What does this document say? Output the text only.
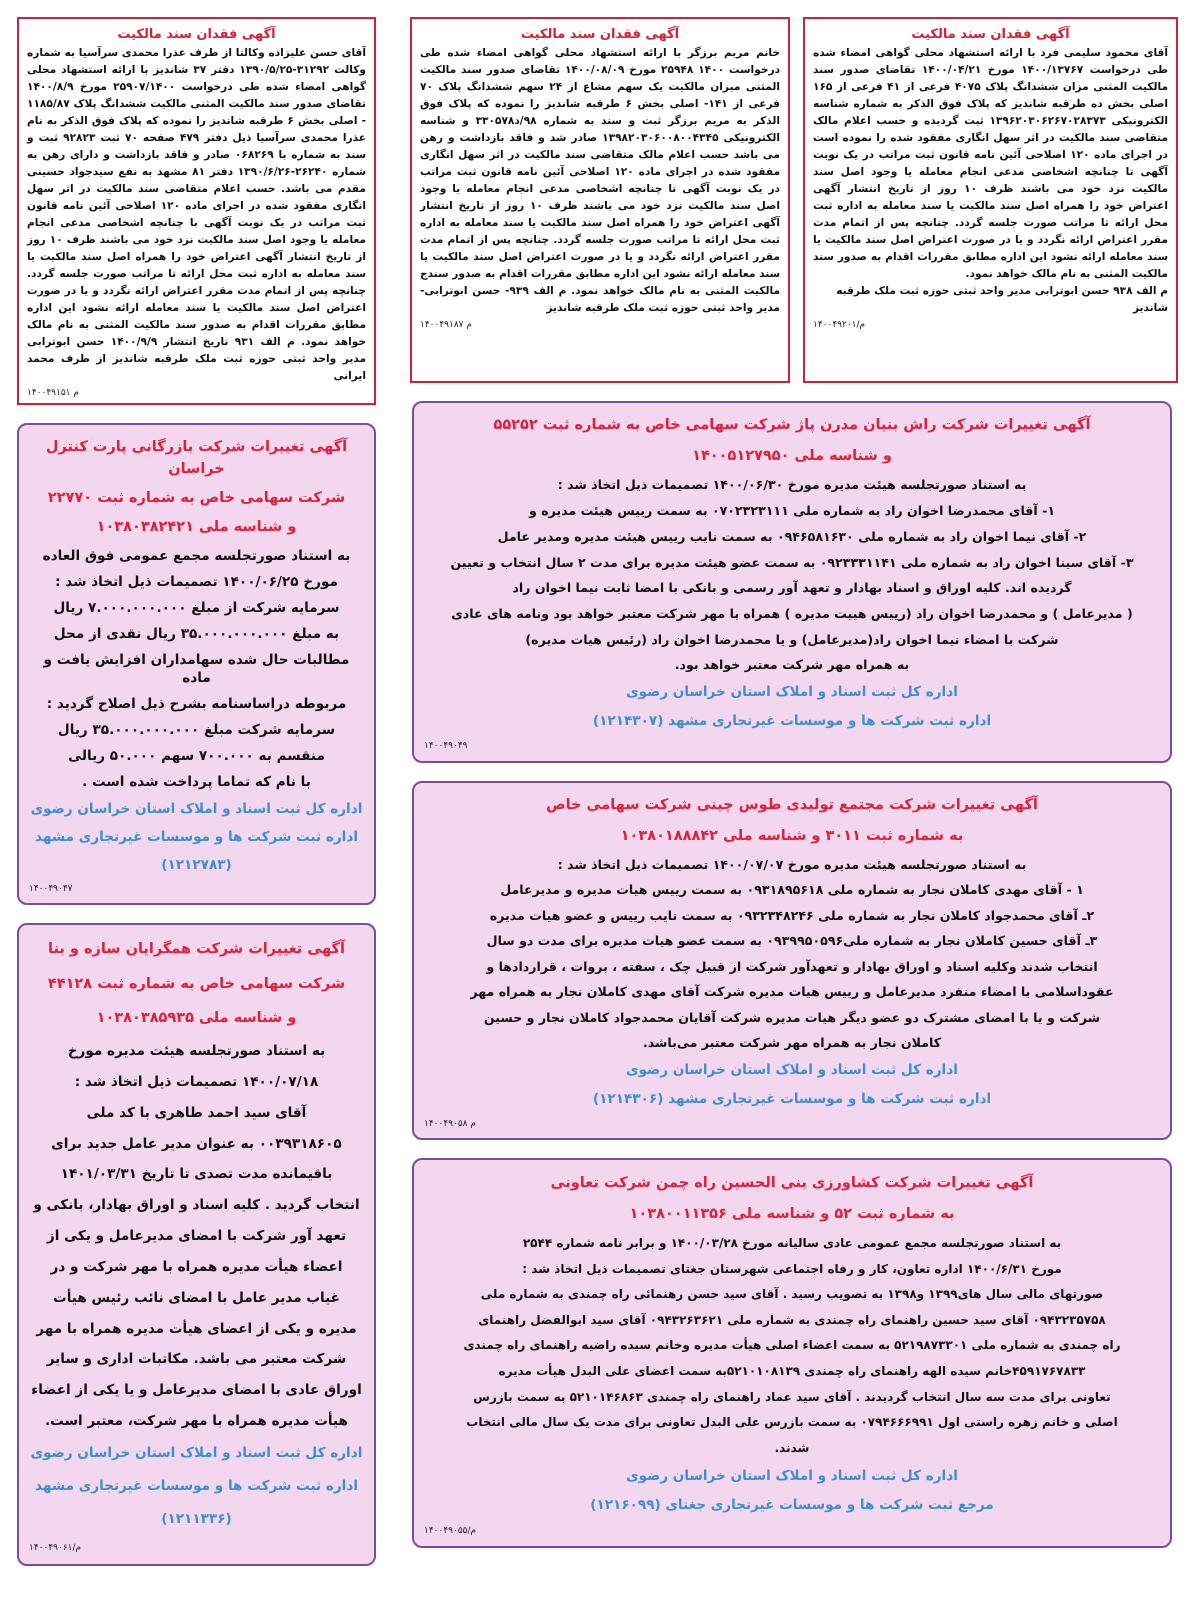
آگهی فقدان سند مالکیت
آقای محمود سلیمی فرد با ارائه استشهاد محلی گواهی امضاء شده طی درخواست ۱۴۰۰/۱۳۷۶۷ مورخ ۱۴۰۰/۰۴/۲۱ تقاضای صدور سند مالکیت المثنی مزان ششدانگ پلاک ۴۰۷۵ فرعی از ۴۱ فرعی از ۱۶۵ اصلی بخش ده طرقبه شاندیز که پلاک فوق الذکر به شماره شناسه الکترونیکی ۱۳۹۶۲۰۳۰۶۲۶۷۰۲۸۳۷۳ ثبت گردیده و حسب اعلام مالک متقاضی سند مالکیت در اثر سهل انگاری مفقود شده را نموده است در اجرای ماده ۱۲۰ اصلاحی آئین نامه قانون ثبت مراتب در یک نوبت آگهی تا چنانچه اشخاصی مدعی انجام معامله یا وجود اصل سند مالکیت نزد خود می باشند ظرف ۱۰ روز از تاریخ انتشار آگهی اعتراض خود را همراه اصل سند مالکیت یا سند معامله به اداره ثبت محل ارائه تا مراتب صورت جلسه گردد. چنانچه پس از اتمام مدت مقرر اعتراض ارائه نگردد و یا در صورت اعتراض اصل سند مالکیت یا سند معامله ارائه نشود این اداره مطابق مقررات اقدام به صدور سند مالکیت المثنی به نام مالک خواهد نمود.
م الف ۹۳۸ حسن ابوترابی مدیر واحد ثبتی حوزه ثبت ملک طرقبه شاندیز
م/۱۴۰۰۴۹۲۰۱
آگهی فقدان سند مالکیت
خانم مریم برزگر با ارائه استشهاد محلی گواهی امضاء شده طی درخواست ۱۴۰۰ ۲۵۹۴۸ مورخ ۱۴۰۰/۰۸/۰۹ تقاضای صدور سند مالکیت المثنی میزان مالکیت یک سهم مشاع از ۲۴ سهم ششدانگ پلاک ۷۰ فرعی از ۱۴۱- اصلی بخش ۶ طرقبه شاندیز را نموده که پلاک فوق الذکر به مریم برزگر ثبت و سند به شماره ۹۸/د۳۳۰۵۷۸ و شناسه الکترونیکی ۱۳۹۸۲۰۳۰۶۰۰۸۰۰۴۳۴۵ صادر شد و فاقد بازداشت و رهن می باشد حسب اعلام مالک متقاضی سند مالکیت در اثر سهل انگاری مفقود شده در اجرای ماده ۱۲۰ اصلاحی آئین نامه قانون ثبت مراتب در یک نوبت آگهی تا چنانچه اشخاصی مدعی انجام معامله یا وجود اصل سند مالکیت نزد خود می باشند ظرف ۱۰ روز از تاریخ انتشار آگهی اعتراض خود را همراه اصل سند مالکیت یا سند معامله به اداره ثبت محل ارائه تا مراتب صورت جلسه گردد. چنانچه پس از اتمام مدت مقرر اعتراض ارائه نگردد و یا در صورت اعتراض اصل سند مالکیت یا سند معامله ارائه نشود این اداره مطابق مقررات اقدام به صدور سندج مالکیت المثنی به نام مالک خواهد نمود. م الف ۹۳۹- حسن ابوترابی- مدیر واحد ثبتی حوزه ثبت ملک طرقبه شاندیز
م ۱۴۰۰۴۹۱۸۷
آگهی تغییرات شرکت راش بنیان مدرن پاژ شرکت سهامی خاص به شماره ثبت ۵۵۲۵۲
و شناسه ملی ۱۴۰۰۵۱۲۷۹۵۰
به استناد صورتجلسه هیئت مدیره مورخ ۱۴۰۰/۰۶/۳۰ تصمیمات ذیل اتخاذ شد :
۱- آقای محمدرضا اخوان راد به شماره ملی ۰۷۰۲۳۲۳۱۱۱ به سمت رییس هیئت مدیره و
۲- آقای نیما اخوان راد به شماره ملی ۰۹۴۶۵۸۱۶۳۰ به سمت نایب رییس هیئت مدیره ومدیر عامل
۳- آقای سینا اخوان راد به شماره ملی ۰۹۲۳۳۳۱۱۴۱ به سمت عضو هیئت مدیره برای مدت ۲ سال انتخاب و تعیین
گردیده اند. کلیه اوراق و اسناد بهادار و تعهد آور رسمی و بانکی با امضا ثابت نیما اخوان راد
( مدیرعامل ) و محمدرضا اخوان راد (رییس هییت مدیره ) همراه با مهر شرکت معتبر خواهد بود ونامه های عادی
شرکت با امضاء نیما اخوان راد(مدیرعامل) و یا محمدرضا اخوان راد (رئیس هیات مدیره)
به همراه مهر شرکت معتبر خواهد بود.
اداره کل ثبت اسناد و املاک استان خراسان رضوی
اداره ثبت شرکت ها و موسسات غیرتجاری مشهد (۱۲۱۴۳۰۷)
۱۴۰۰۴۹۰۴۹
آگهی تغییرات شرکت مجتمع تولیدی طوس چینی شرکت سهامی خاص
به شماره ثبت ۳۰۱۱ و شناسه ملی ۱۰۳۸۰۱۸۸۸۴۲
به استناد صورتجلسه هیئت مدیره مورخ ۱۴۰۰/۰۷/۰۷ تصمیمات ذیل اتخاذ شد :
۱ - آقای مهدی کاملان نجار به شماره ملی ۰۹۳۱۸۹۵۶۱۸ به سمت رییس هیات مدیره و مدیرعامل
۲ـ آقای محمدجواد کاملان نجار به شماره ملی ۰۹۳۲۳۴۸۲۴۶ به سمت نایب رییس و عضو هیات مدیره
۳ـ آقای حسین کاملان نجار به شماره ملی۰۹۳۹۹۵۰۵۹۶ به سمت عضو هیات مدیره برای مدت دو سال
انتخاب شدند وکلیه اسناد و اوراق بهادار و تعهدآور شرکت از قبیل چک ، سفته ، بروات ، قراردادها و
عقوداسلامی با امضاء منفرد مدیرعامل و رییس هیات مدیره شرکت آقای مهدی کاملان نجار به همراه مهر
شرکت و یا با امضای مشترک دو عضو دیگر هیات مدیره شرکت آقایان محمدجواد کاملان نجار و حسین
کاملان نجار به همراه مهر شرکت معتبر می‌باشد.
اداره کل ثبت اسناد و املاک استان خراسان رضوی
اداره ثبت شرکت ها و موسسات غیرتجاری مشهد (۱۲۱۴۳۰۶)
م ۱۴۰۰۴۹۰۵۸
آگهی تغییرات شرکت کشاورزی بنی الحسین راه چمن شرکت تعاونی
به شماره ثبت ۵۲ و شناسه ملی ۱۰۳۸۰۰۱۱۳۵۶
به استناد صورتجلسه مجمع عمومی عادی سالیانه مورخ ۱۴۰۰/۰۳/۲۸ و برابر نامه شماره ۲۵۴۴
مورخ ۱۴۰۰/۶/۳۱ اداره تعاون، کار و رفاه اجتماعی شهرستان جغتای تصمیمات ذیل اتخاذ شد :
صورتهای مالی سال های۱۳۹۹ و۱۳۹۸ به تصویب رسید . آقای سید حسن رهنمائی راه چمندی به شماره ملی
۰۹۴۳۲۳۵۷۵۸ آقای سید حسین راهنمای راه چمندی به شماره ملی ۰۹۴۳۲۶۳۶۲۱ آقای سید ابوالفضل راهنمای
راه چمندی به شماره ملی ۵۲۱۹۸۷۳۳۰۱ به سمت اعضاء اصلی هیأت مدیره وخانم سیده راضیه راهنمای راه چمندی
۴۵۹۱۷۶۷۸۳۳خانم سیده الهه راهنمای راه چمندی ۵۲۱۰۱۰۸۱۳۹به سمت اعضای علی البدل هیأت مدیره
تعاونی برای مدت سه سال انتخاب گردیدند . آقای سید عماد راهنمای راه چمندی ۵۲۱۰۱۴۶۸۶۳ به سمت بازرس
اصلی و خانم زهره راستی اول ۰۷۹۴۶۶۶۹۹۱ به سمت بازرس علی البدل تعاونی برای مدت یک سال مالی انتخاب
شدند.
اداره کل ثبت اسناد و املاک استان خراسان رضوی
مرجع ثبت شرکت ها و موسسات غیرتجاری جغتای (۱۲۱۶۰۹۹)
م/۱۴۰۰۴۹۰۵۵
آگهی فقدان سند مالکیت
آقای حسن علیزاده وکالتا از طرف عذرا محمدی سرآسیا به شماره وکالت ۳۱۲۹۲-۱۳۹۰/۵/۲۵ دفتر ۳۷ شاندیز با ارائه استشهاد محلی گواهی امضاء شده طی درخواست ۲۵۹۰۷/۱۴۰۰ مورخ ۱۴۰۰/۸/۹ تقاضای صدور سند مالکیت المثنی مالکیت ششدانگ پلاک ۱۱۸۵/۸۷ - اصلی بخش ۶ طرقبه شاندیز را نموده که پلاک فوق الذکر به نام عذرا محمدی سرآسیا ذیل دفتر ۴۷۹ صفحه ۷۰ ثبت ۹۲۸۲۳ ثبت و سند به شماره با ۰۶۸۲۶۹ صادر و فاقد بازداشت و دارای رهن به شماره ۲۶۲۴۰-۱۳۹۰/۶/۲۶ دفتر ۸۱ مشهد به نفع سیدجواد حسینی مقدم می باشد. حسب اعلام متقاضی سند مالکیت در اثر سهل انگاری مفقود شده در اجرای ماده ۱۲۰ اصلاحی آئین نامه قانون ثبت مراتب در یک نوبت آگهی با چنانچه اشخاصی مدعی انجام معامله یا وجود اصل سند مالکیت نزد خود می باشند ظرف ۱۰ روز از تاریخ انتشار آگهی اعتراض خود را همراه اصل سند مالکیت یا سند معامله به اداره ثبت محل ارائه تا مراتب صورت جلسه گردد. چنانچه پس از اتمام مدت مقرر اعتراض ارائه نگردد و یا در صورت اعتراض اصل سند مالکیت یا سند معامله ارائه نشود این اداره مطابق مقررات اقدام به صدور سند مالکیت المثنی به نام مالک خواهد نمود. م الف ۹۳۱ تاریخ انتشار ۱۴۰۰/۹/۹ حسن ابوترابی مدیر واحد ثبتی حوزه ثبت ملک طرقبه شاندیز از طرف محمد ایرانی
م ۱۴۰۰۴۹۱۵۱
آگهی تغییرات شرکت بازرگانی پارت کنترل خراسان
شرکت سهامی خاص به شماره ثبت ۲۲۷۷۰
و شناسه ملی ۱۰۳۸۰۳۸۲۴۲۱
به استناد صورتجلسه مجمع عمومی فوق العاده
مورخ ۱۴۰۰/۰۶/۲۵ تصمیمات ذیل اتخاذ شد :
سرمایه شرکت از مبلغ ۷.۰۰۰.۰۰۰.۰۰۰ ریال
به مبلغ ۳۵.۰۰۰.۰۰۰.۰۰۰ ریال نقدی از محل
مطالبات حال شده سهامداران افزایش یافت و ماده
مربوطه دراساسنامه بشرح ذیل اصلاح گردید :
سرمایه شرکت مبلغ ۳۵.۰۰۰.۰۰۰.۰۰۰ ریال
منقسم به ۷۰۰.۰۰۰ سهم ۵۰.۰۰۰ ریالی
با نام که تماما پرداخت شده است .
اداره کل ثبت اسناد و املاک استان خراسان رضوی
اداره ثبت شرکت ها و موسسات غیرتجاری مشهد
(۱۲۱۲۷۸۳)
۱۴۰۰۴۹۰۴۷
آگهی تغییرات شرکت همگرایان سازه و بنا
شرکت سهامی خاص به شماره ثبت ۴۴۱۲۸
و شناسه ملی ۱۰۳۸۰۳۸۵۹۳۵
به استناد صورتجلسه هیئت مدیره مورخ
۱۴۰۰/۰۷/۱۸ تصمیمات ذیل اتخاذ شد :
آقای سید احمد طاهری با کد ملی
۰۰۳۹۳۱۸۶۰۵ به عنوان مدیر عامل جدید برای
باقیمانده مدت تصدی تا تاریخ ۱۴۰۱/۰۳/۳۱
انتخاب گردید . کلیه اسناد و اوراق بهادار، بانکی و
تعهد آور شرکت با امضای مدیرعامل و یکی از
اعضاء هیأت مدیره همراه با مهر شرکت و در
غیاب مدیر عامل با امضای نائب رئیس هیأت
مدیره و یکی از اعضای هیأت مدیره همراه با مهر
شرکت معتبر می باشد. مکاتبات اداری و سایر
اوراق عادی با امضای مدیرعامل و یا یکی از اعضاء
هیأت مدیره همراه با مهر شرکت، معتبر است.
اداره کل ثبت اسناد و املاک استان خراسان رضوی
اداره ثبت شرکت ها و موسسات غیرتجاری مشهد
(۱۲۱۱۳۳۶)
م/۱۴۰۰۴۹۰۶۱
